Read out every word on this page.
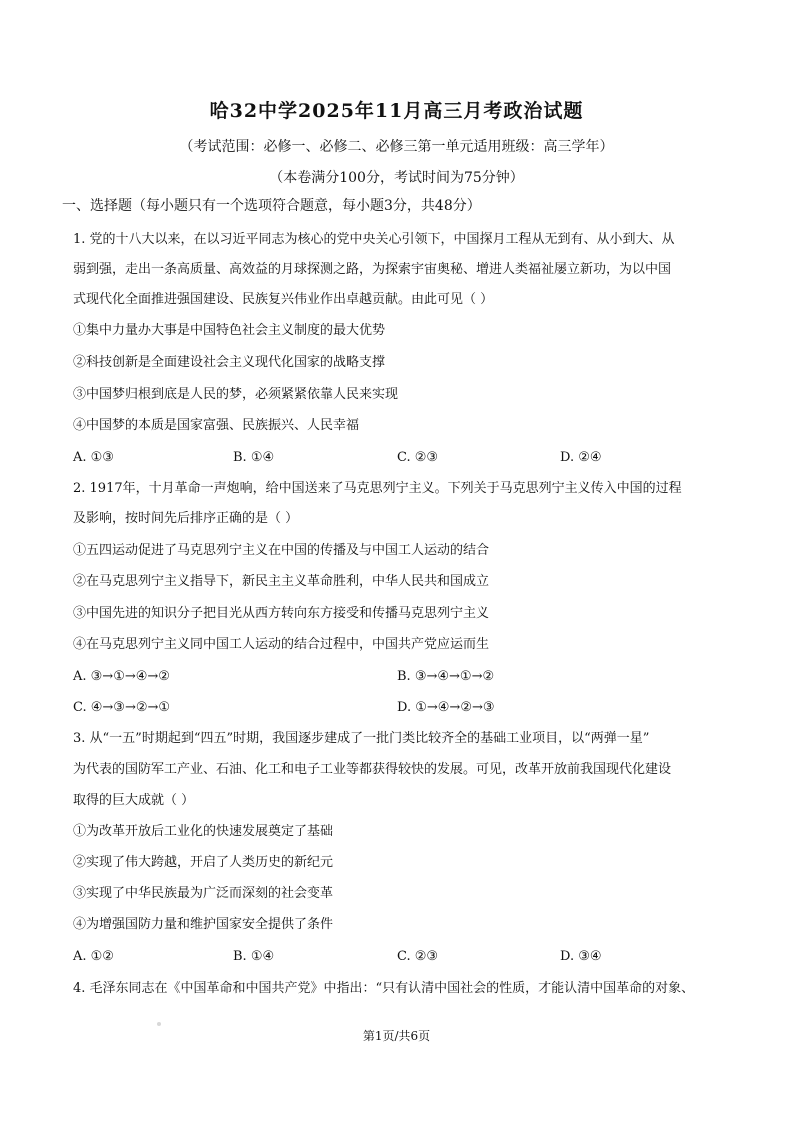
哈32中学2025年11月高三月考政治试题
（考试范围：必修一、必修二、必修三第一单元适用班级：高三学年）
（本卷满分100分，考试时间为75分钟）
一、选择题（每小题只有一个选项符合题意，每小题3分，共48分）
1. 党的十八大以来，在以习近平同志为核心的党中央关心引领下，中国探月工程从无到有、从小到大、从
弱到强，走出一条高质量、高效益的月球探测之路，为探索宇宙奥秘、增进人类福祉屡立新功，为以中国
式现代化全面推进强国建设、民族复兴伟业作出卓越贡献。由此可见（ ）
①集中力量办大事是中国特色社会主义制度的最大优势
②科技创新是全面建设社会主义现代化国家的战略支撑
③中国梦归根到底是人民的梦，必须紧紧依靠人民来实现
④中国梦的本质是国家富强、民族振兴、人民幸福
A. ①③	B. ①④	C. ②③	D. ②④
2. 1917年，十月革命一声炮响，给中国送来了马克思列宁主义。下列关于马克思列宁主义传入中国的过程
及影响，按时间先后排序正确的是（ ）
①五四运动促进了马克思列宁主义在中国的传播及与中国工人运动的结合
②在马克思列宁主义指导下，新民主主义革命胜利，中华人民共和国成立
③中国先进的知识分子把目光从西方转向东方接受和传播马克思列宁主义
④在马克思列宁主义同中国工人运动的结合过程中，中国共产党应运而生
A. ③→①→④→②	B. ③→④→①→②
C. ④→③→②→①	D. ①→④→②→③
3. 从“一五”时期起到“四五”时期，我国逐步建成了一批门类比较齐全的基础工业项目，以“两弹一星”
为代表的国防军工产业、石油、化工和电子工业等都获得较快的发展。可见，改革开放前我国现代化建设
取得的巨大成就（ ）
①为改革开放后工业化的快速发展奠定了基础
②实现了伟大跨越，开启了人类历史的新纪元
③实现了中华民族最为广泛而深刻的社会变革
④为增强国防力量和维护国家安全提供了条件
A. ①②	B. ①④	C. ②③	D. ③④
4. 毛泽东同志在《中国革命和中国共产党》中指出：“只有认清中国社会的性质，才能认清中国革命的对象、
第1页/共6页
